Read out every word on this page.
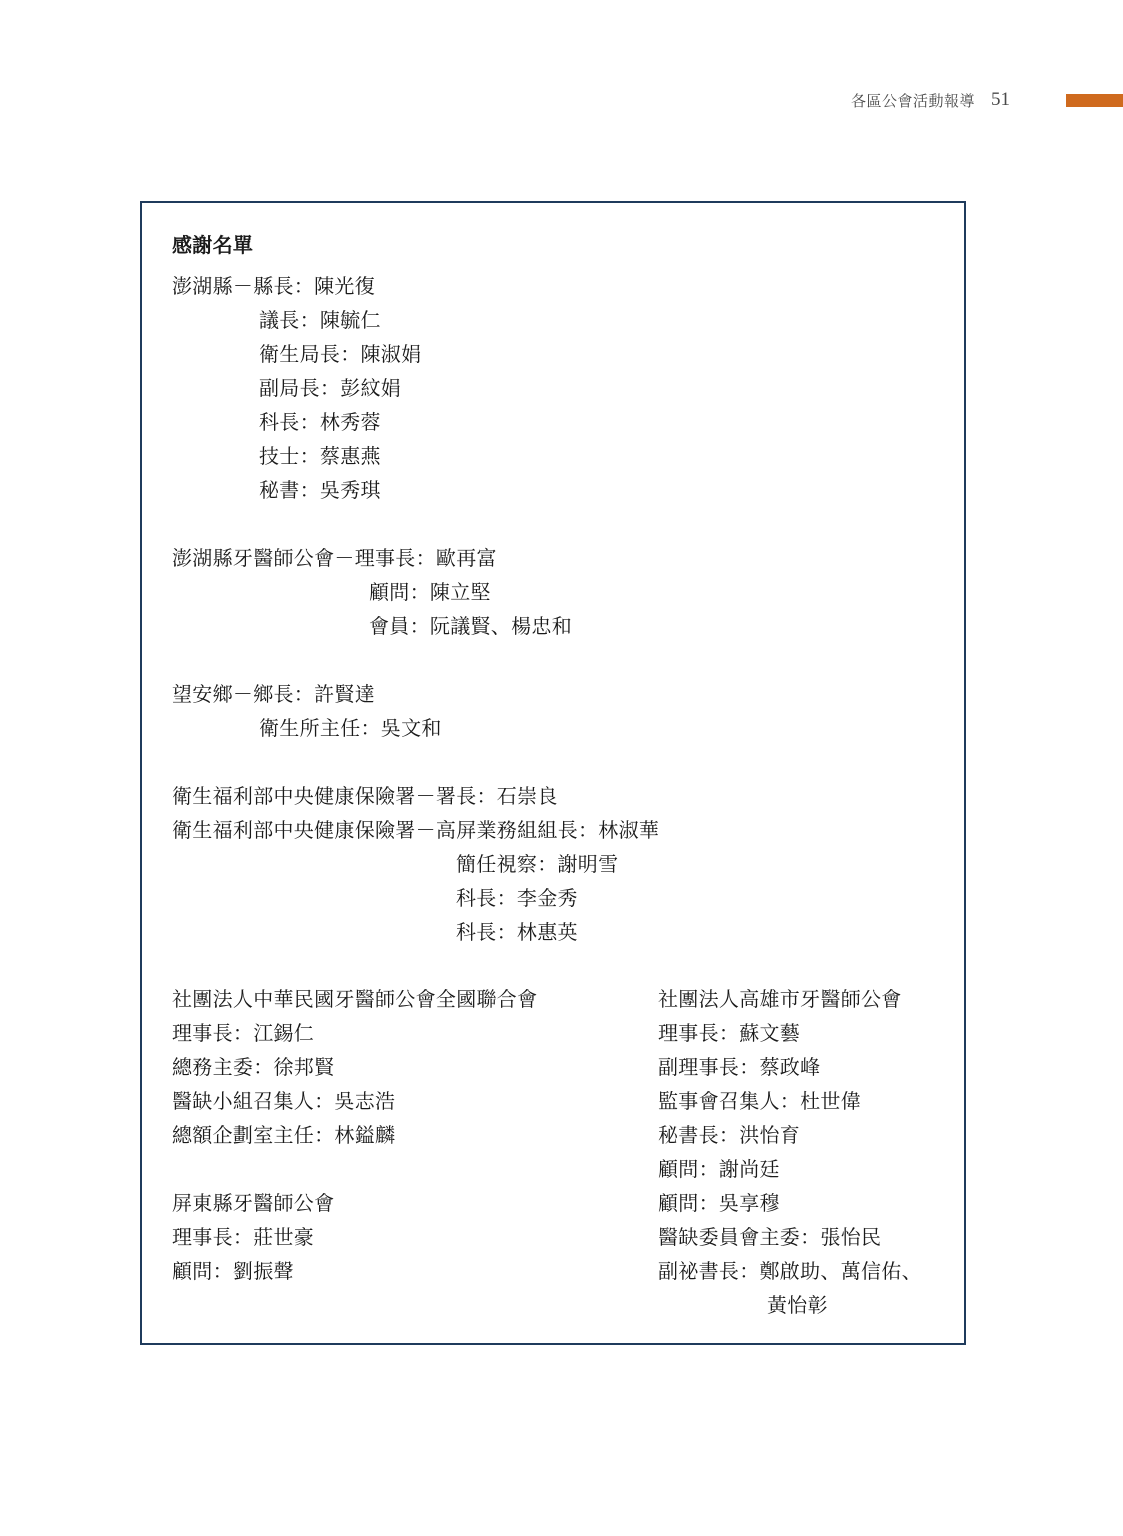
各區公會活動報導 51
感謝名單
澎湖縣－縣長：陳光復
議長：陳毓仁
衛生局長：陳淑娟
副局長：彭紋娟
科長：林秀蓉
技士：蔡惠燕
秘書：吳秀琪
澎湖縣牙醫師公會－理事長：歐再富
顧問：陳立堅
會員：阮議賢、楊忠和
望安鄉－鄉長：許賢達
衛生所主任：吳文和
衛生福利部中央健康保險署－署長：石崇良
衛生福利部中央健康保險署－高屏業務組組長：林淑華
簡任視察：謝明雪
科長：李金秀
科長：林惠英
社團法人中華民國牙醫師公會全國聯合會
理事長：江錫仁
總務主委：徐邦賢
醫缺小組召集人：吳志浩
總額企劃室主任：林鎰麟
屏東縣牙醫師公會
理事長：莊世豪
顧問：劉振聲
社團法人高雄市牙醫師公會
理事長：蘇文藝
副理事長：蔡政峰
監事會召集人：杜世偉
秘書長：洪怡育
顧問：謝尚廷
顧問：吳享穆
醫缺委員會主委：張怡民
副祕書長：鄭啟助、萬信佑、
黃怡彰
